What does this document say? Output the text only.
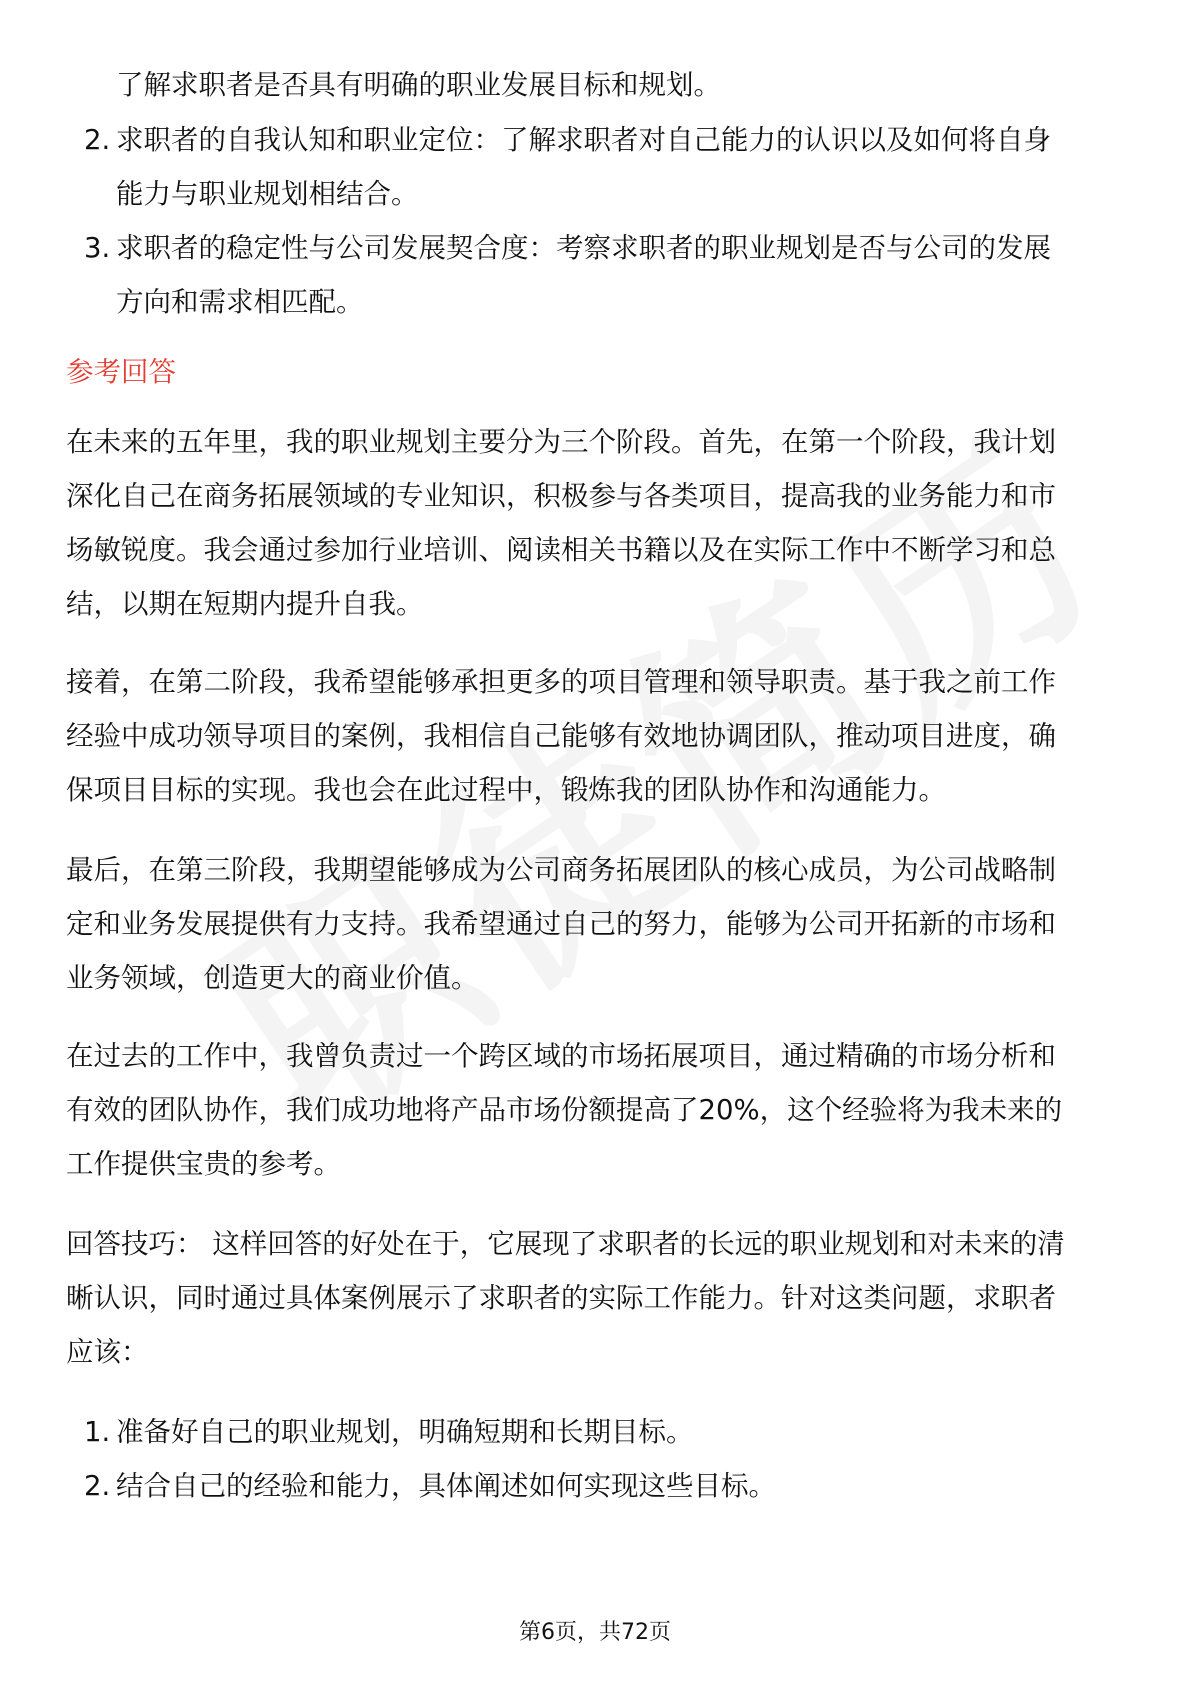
了解求职者是否具有明确的职业发展目标和规划。
2. 求职者的自我认知和职业定位：了解求职者对自己能力的认识以及如何将自身
能力与职业规划相结合。
3. 求职者的稳定性与公司发展契合度：考察求职者的职业规划是否与公司的发展
方向和需求相匹配。
参考回答
在未来的五年里，我的职业规划主要分为三个阶段。首先，在第一个阶段，我计划
深化自己在商务拓展领域的专业知识，积极参与各类项目，提高我的业务能力和市
场敏锐度。我会通过参加行业培训、阅读相关书籍以及在实际工作中不断学习和总
结，以期在短期内提升自我。
接着，在第二阶段，我希望能够承担更多的项目管理和领导职责。基于我之前工作
经验中成功领导项目的案例，我相信自己能够有效地协调团队，推动项目进度，确
保项目目标的实现。我也会在此过程中，锻炼我的团队协作和沟通能力。
最后，在第三阶段，我期望能够成为公司商务拓展团队的核心成员，为公司战略制
定和业务发展提供有力支持。我希望通过自己的努力，能够为公司开拓新的市场和
业务领域，创造更大的商业价值。
在过去的工作中，我曾负责过一个跨区域的市场拓展项目，通过精确的市场分析和
有效的团队协作，我们成功地将产品市场份额提高了20%，这个经验将为我未来的
工作提供宝贵的参考。
回答技巧： 这样回答的好处在于，它展现了求职者的长远的职业规划和对未来的清
晰认识，同时通过具体案例展示了求职者的实际工作能力。针对这类问题，求职者
应该：
1. 准备好自己的职业规划，明确短期和长期目标。
2. 结合自己的经验和能力，具体阐述如何实现这些目标。
第6页，共72页
